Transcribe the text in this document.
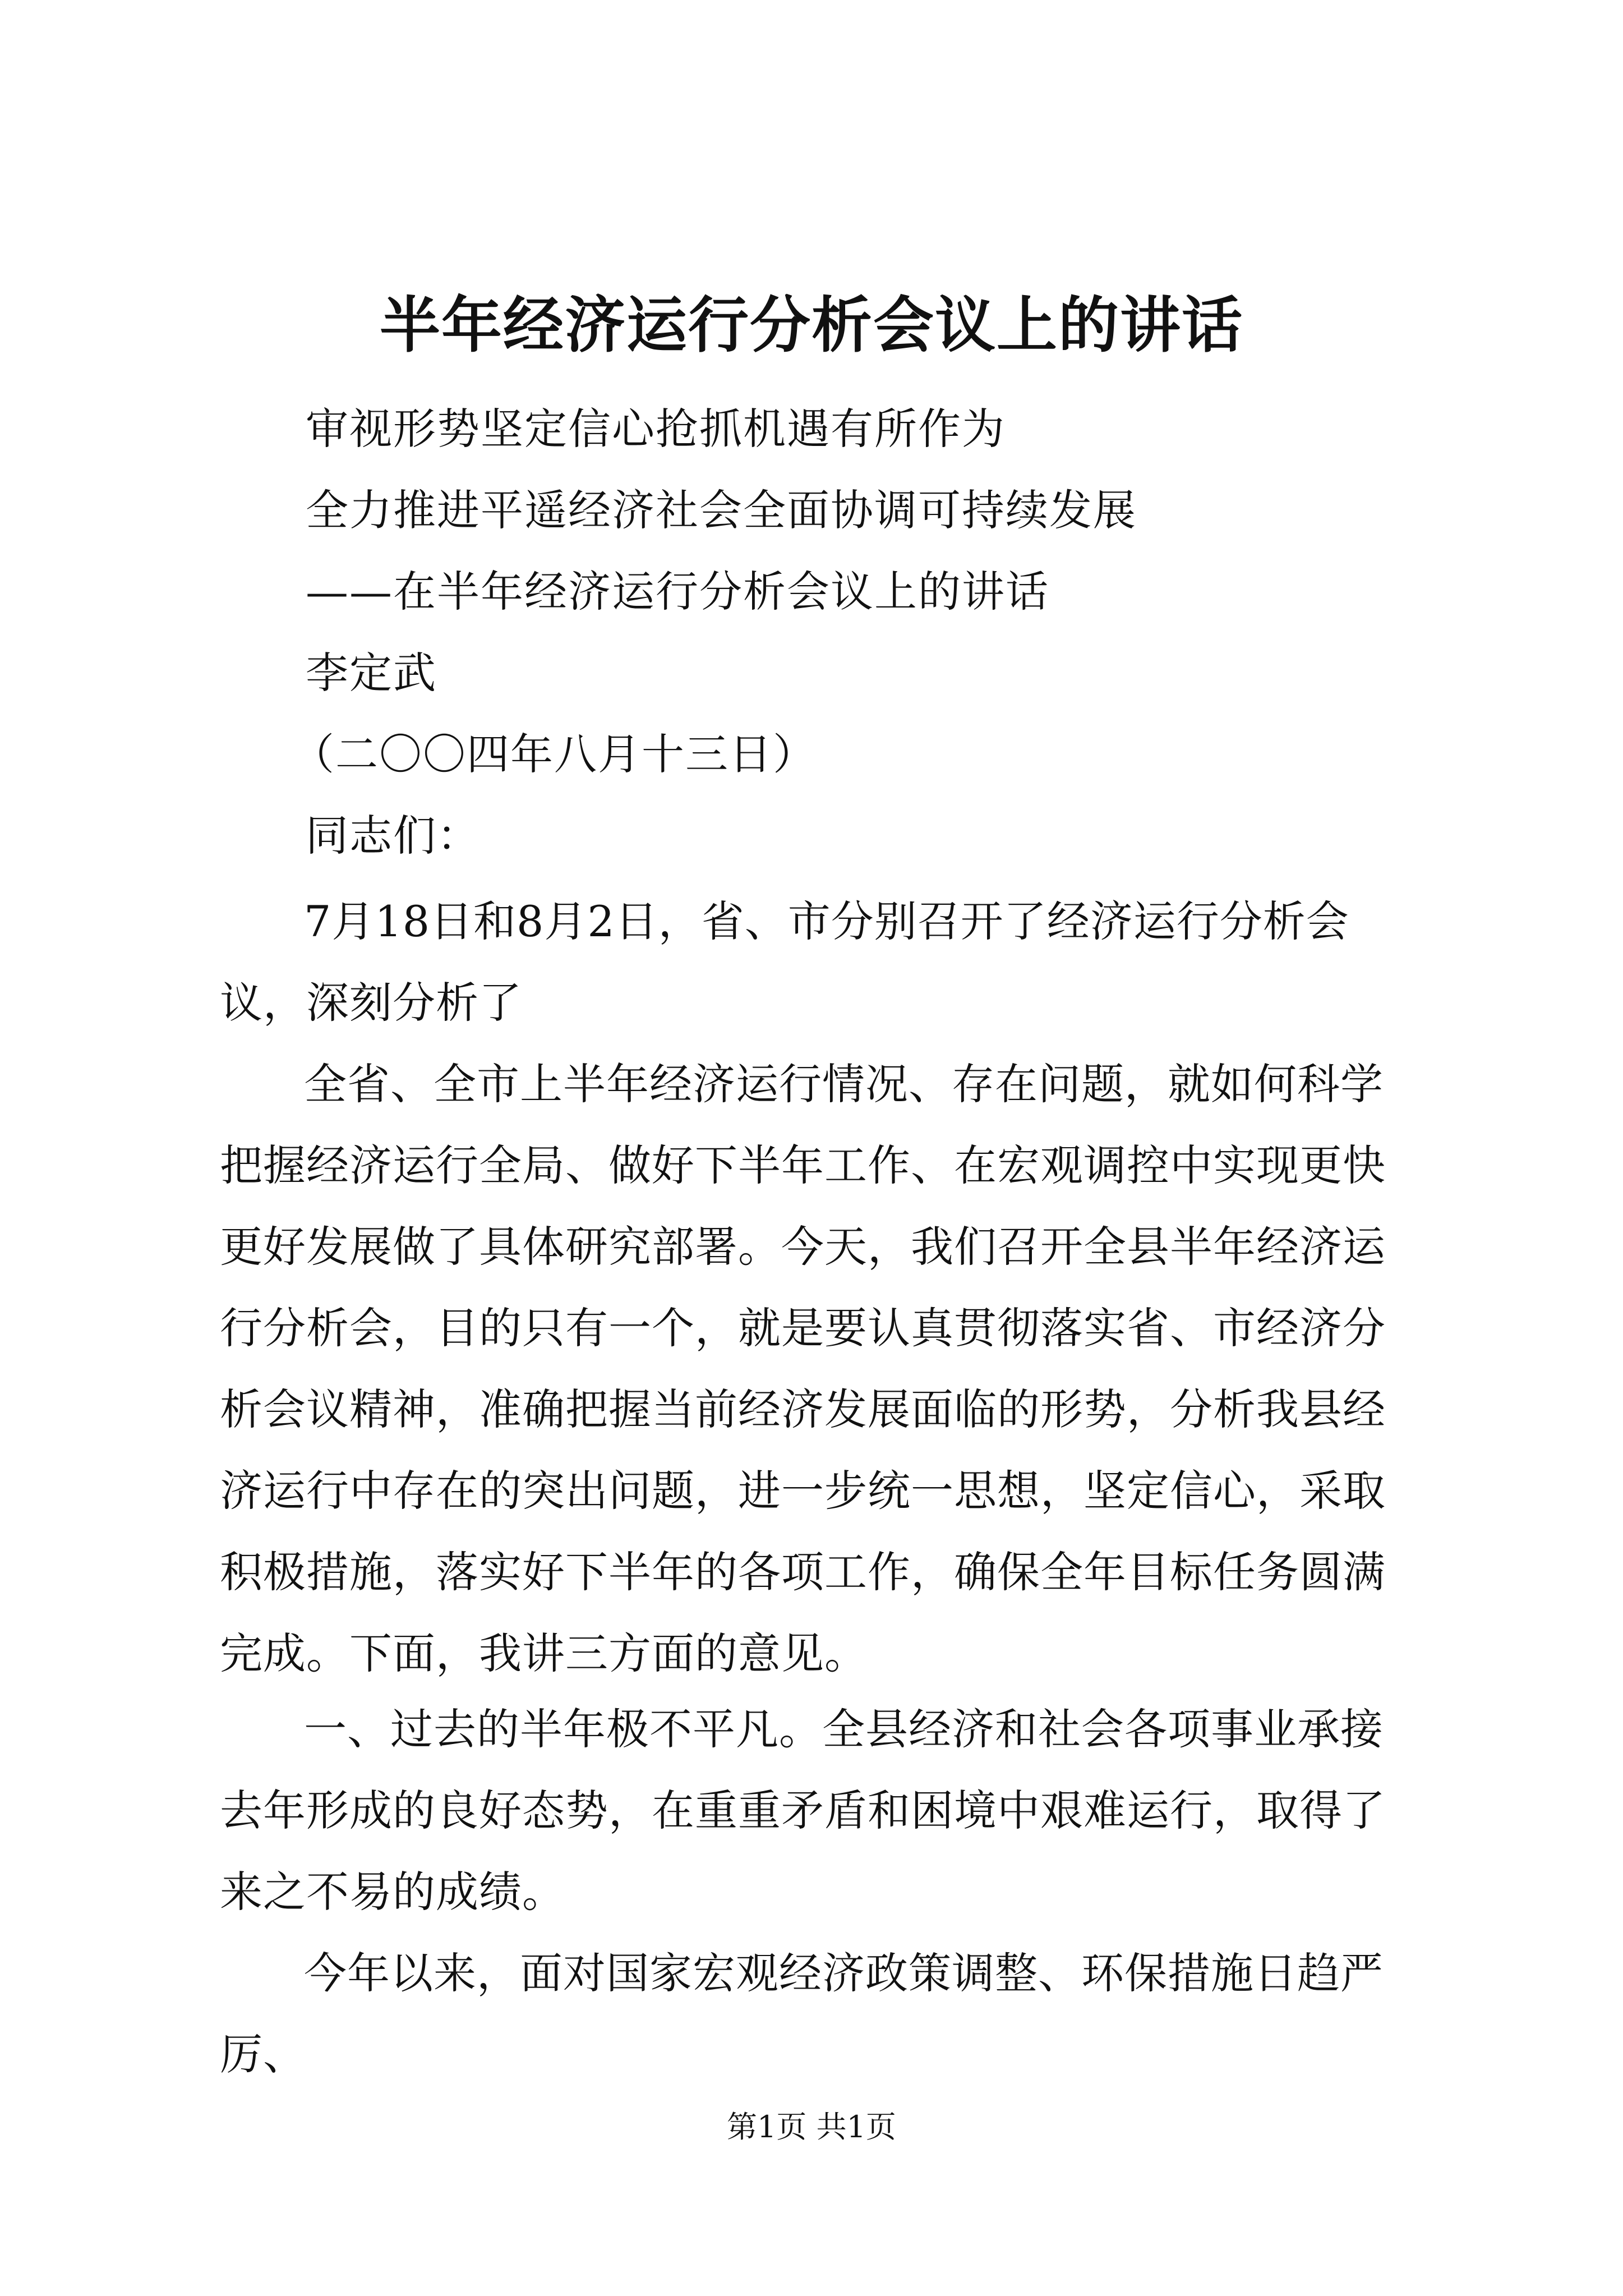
半年经济运行分析会议上的讲话
审视形势坚定信心抢抓机遇有所作为
全力推进平遥经济社会全面协调可持续发展
——在半年经济运行分析会议上的讲话
李定武
（二〇〇四年八月十三日）
同志们：

7月18日和8月2日，省、市分别召开了经济运行分析会议，深刻分析了

全省、全市上半年经济运行情况、存在问题，就如何科学把握经济运行全局、做好下半年工作、在宏观调控中实现更快更好发展做了具体研究部署。今天，我们召开全县半年经济运行分析会，目的只有一个，就是要认真贯彻落实省、市经济分析会议精神，准确把握当前经济发展面临的形势，分析我县经济运行中存在的突出问题，进一步统一思想，坚定信心，采取积极措施，落实好下半年的各项工作，确保全年目标任务圆满完成。下面，我讲三方面的意见。

一、过去的半年极不平凡。全县经济和社会各项事业承接去年形成的良好态势，在重重矛盾和困境中艰难运行，取得了来之不易的成绩。

今年以来，面对国家宏观经济政策调整、环保措施日趋严厉、

第1页 共1页
